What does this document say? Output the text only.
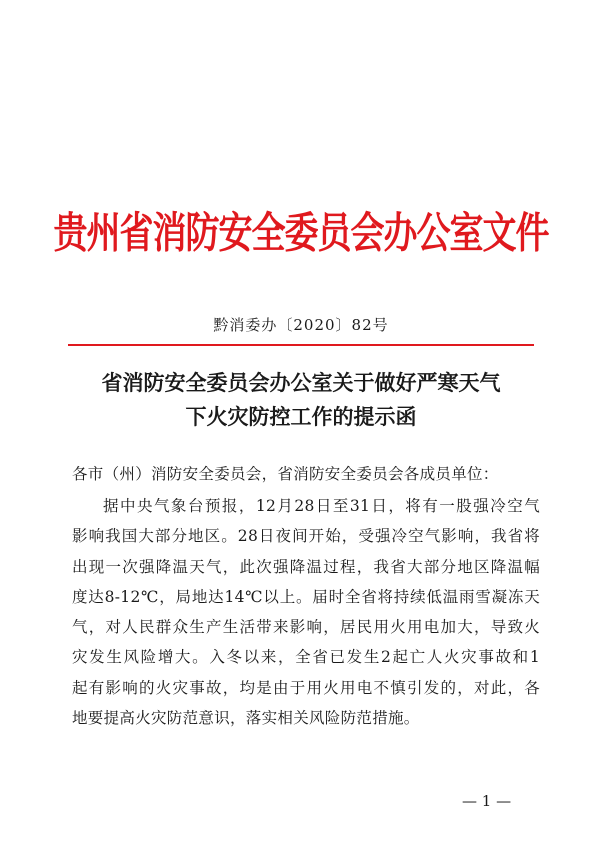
贵州省消防安全委员会办公室文件
黔消委办〔2020〕82号
省消防安全委员会办公室关于做好严寒天气
下火灾防控工作的提示函
各市（州）消防安全委员会，省消防安全委员会各成员单位：
据中央气象台预报，12月28日至31日，将有一股强冷空气
影响我国大部分地区。28日夜间开始，受强冷空气影响，我省将
出现一次强降温天气，此次强降温过程，我省大部分地区降温幅
度达8-12℃，局地达14℃以上。届时全省将持续低温雨雪凝冻天
气，对人民群众生产生活带来影响，居民用火用电加大，导致火
灾发生风险增大。入冬以来，全省已发生2起亡人火灾事故和1
起有影响的火灾事故，均是由于用火用电不慎引发的，对此，各
地要提高火灾防范意识，落实相关风险防范措施。
— 1 —
